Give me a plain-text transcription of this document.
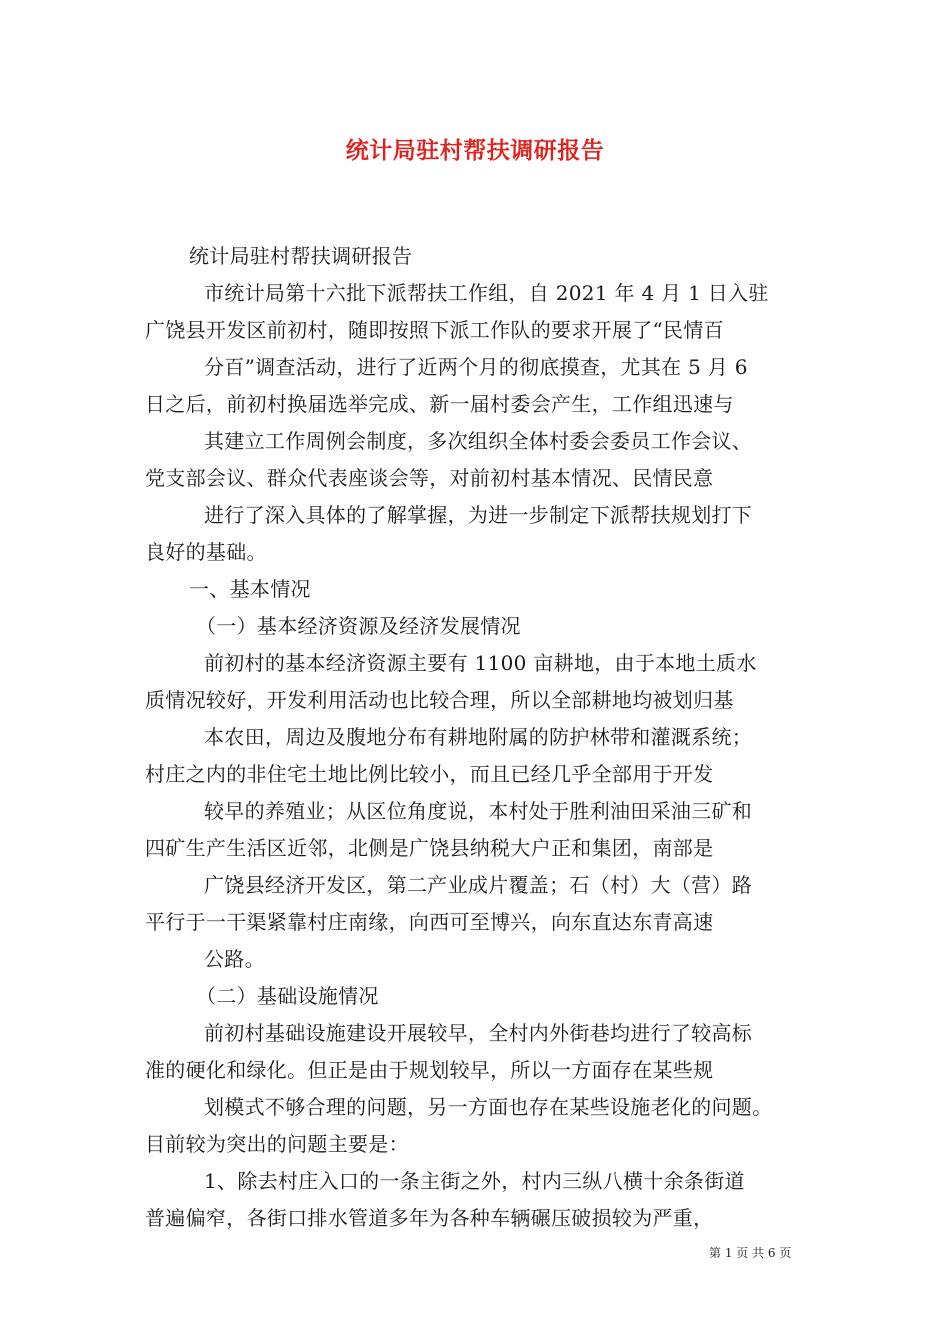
统计局驻村帮扶调研报告
统计局驻村帮扶调研报告
市统计局第十六批下派帮扶工作组，自 2021 年 4 月 1 日入驻
广饶县开发区前初村，随即按照下派工作队的要求开展了“民情百
分百”调查活动，进行了近两个月的彻底摸查，尤其在 5 月 6
日之后，前初村换届选举完成、新一届村委会产生，工作组迅速与
其建立工作周例会制度，多次组织全体村委会委员工作会议、
党支部会议、群众代表座谈会等，对前初村基本情况、民情民意
进行了深入具体的了解掌握，为进一步制定下派帮扶规划打下
良好的基础。
一、基本情况
（一）基本经济资源及经济发展情况
前初村的基本经济资源主要有 1100 亩耕地，由于本地土质水
质情况较好，开发利用活动也比较合理，所以全部耕地均被划归基
本农田，周边及腹地分布有耕地附属的防护林带和灌溉系统；
村庄之内的非住宅土地比例比较小，而且已经几乎全部用于开发
较早的养殖业；从区位角度说，本村处于胜利油田采油三矿和
四矿生产生活区近邻，北侧是广饶县纳税大户正和集团，南部是
广饶县经济开发区，第二产业成片覆盖；石（村）大（营）路
平行于一干渠紧靠村庄南缘，向西可至博兴，向东直达东青高速
公路。
（二）基础设施情况
前初村基础设施建设开展较早，全村内外街巷均进行了较高标
准的硬化和绿化。但正是由于规划较早，所以一方面存在某些规
划模式不够合理的问题，另一方面也存在某些设施老化的问题。
目前较为突出的问题主要是：
1、除去村庄入口的一条主街之外，村内三纵八横十余条街道
普遍偏窄，各街口排水管道多年为各种车辆碾压破损较为严重，
第 1 页 共 6 页
